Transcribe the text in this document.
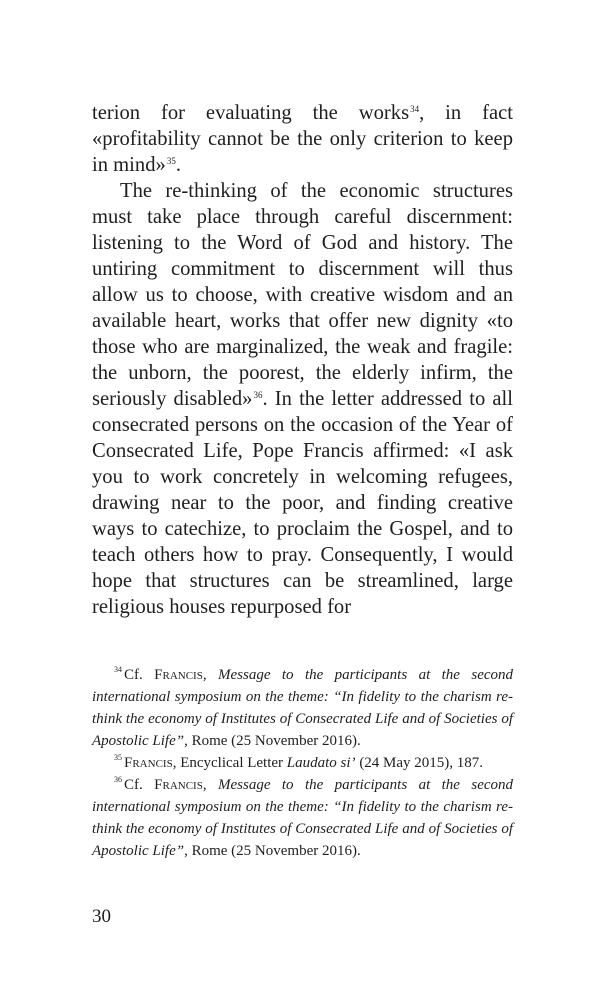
terion for evaluating the works$^{34}$, in fact «profitability cannot be the only criterion to keep in mind»$^{35}$.

The re-thinking of the economic structures must take place through careful discernment: listening to the Word of God and history. The untiring commitment to discernment will thus allow us to choose, with creative wisdom and an available heart, works that offer new dignity «to those who are marginalized, the weak and fragile: the unborn, the poorest, the elderly infirm, the seriously disabled»$^{36}$. In the letter addressed to all consecrated persons on the occasion of the Year of Consecrated Life, Pope Francis affirmed: «I ask you to work concretely in welcoming refugees, drawing near to the poor, and finding creative ways to catechize, to proclaim the Gospel, and to teach others how to pray. Consequently, I would hope that structures can be streamlined, large religious houses repurposed for

$^{34}$ Cf. Francis, Message to the participants at the second international symposium on the theme: “In fidelity to the charism re-think the economy of Institutes of Consecrated Life and of Societies of Apostolic Life”, Rome (25 November 2016).

$^{35}$ Francis, Encyclical Letter Laudato si’ (24 May 2015), 187.

$^{36}$ Cf. Francis, Message to the participants at the second international symposium on the theme: “In fidelity to the charism re-think the economy of Institutes of Consecrated Life and of Societies of Apostolic Life”, Rome (25 November 2016).

30
